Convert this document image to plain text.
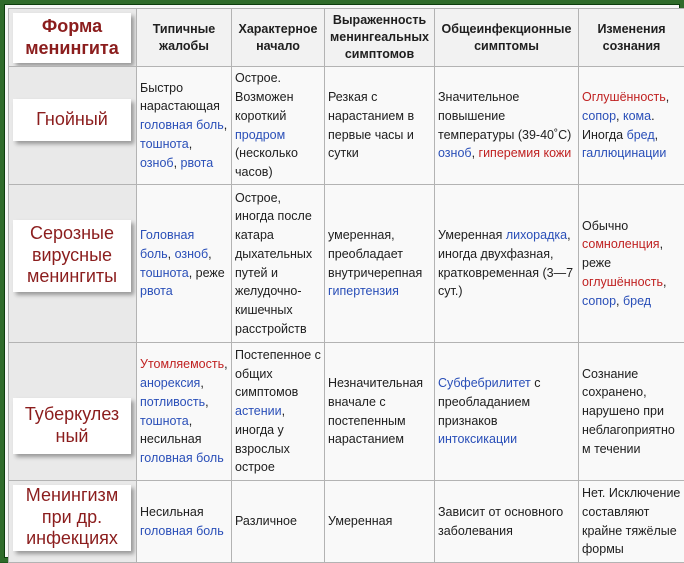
Форма
менингита	Типичные жалобы	Характерное начало	Выраженность менингеальных симптомов	Общеинфекционные симптомы	Изменения сознания

Гнойный	Быстро нарастающая головная боль, тошнота, озноб, рвота	Острое. Возможен короткий продром (несколько часов)	Резкая с нарастанием в первые часы и сутки	Значительное повышение температуры (39-40˚C) озноб, гиперемия кожи	Оглушённость, сопор, кома. Иногда бред, галлюцинации

Серозные
вирусные
менингиты	Головная боль, озноб, тошнота, реже рвота	Острое, иногда после катара дыхательных путей и желудочно-кишечных расстройств	умеренная, преобладает внутричерепная гипертензия	Умеренная лихорадка, иногда двухфазная, кратковременная (3—7 сут.)	Обычно сомноленция, реже оглушённость, сопор, бред

Туберкулез
ный	Утомляемость, анорексия, потливость, тошнота, несильная головная боль	Постепенное с общих симптомов астении, иногда у взрослых острое	Незначительная вначале с постепенным нарастанием	Субфебрилитет с преобладанием признаков интоксикации	Сознание сохранено, нарушено при неблагоприятном течении

Менингизм
при др.
инфекциях	Несильная головная боль	Различное	Умеренная	Зависит от основного заболевания	Нет. Исключение составляют крайне тяжёлые формы
